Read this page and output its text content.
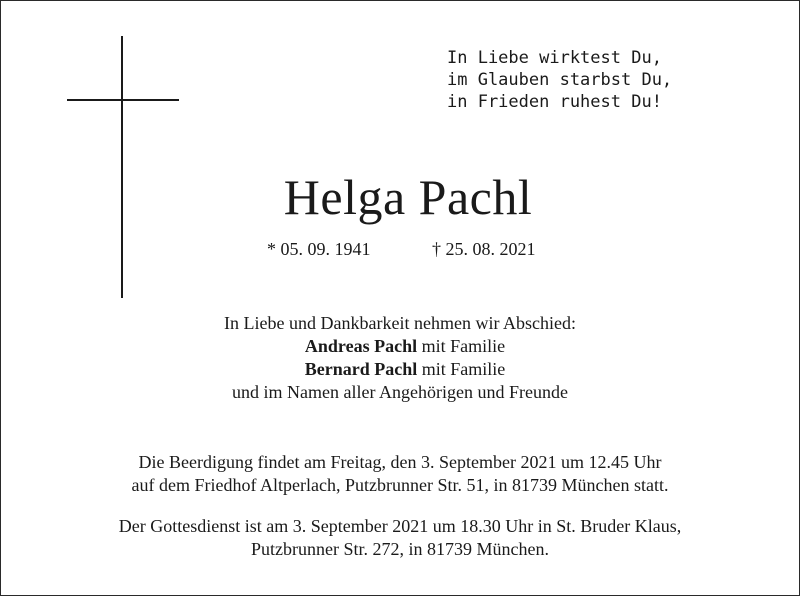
In Liebe wirktest Du,
im Glauben starbst Du,
in Frieden ruhest Du!
Helga Pachl
* 05. 09. 1941	† 25. 08. 2021
In Liebe und Dankbarkeit nehmen wir Abschied:
Andreas Pachl mit Familie
Bernard Pachl mit Familie
und im Namen aller Angehörigen und Freunde
Die Beerdigung findet am Freitag, den 3. September 2021 um 12.45 Uhr
auf dem Friedhof Altperlach, Putzbrunner Str. 51, in 81739 München statt.
Der Gottesdienst ist am 3. September 2021 um 18.30 Uhr in St. Bruder Klaus,
Putzbrunner Str. 272, in 81739 München.
